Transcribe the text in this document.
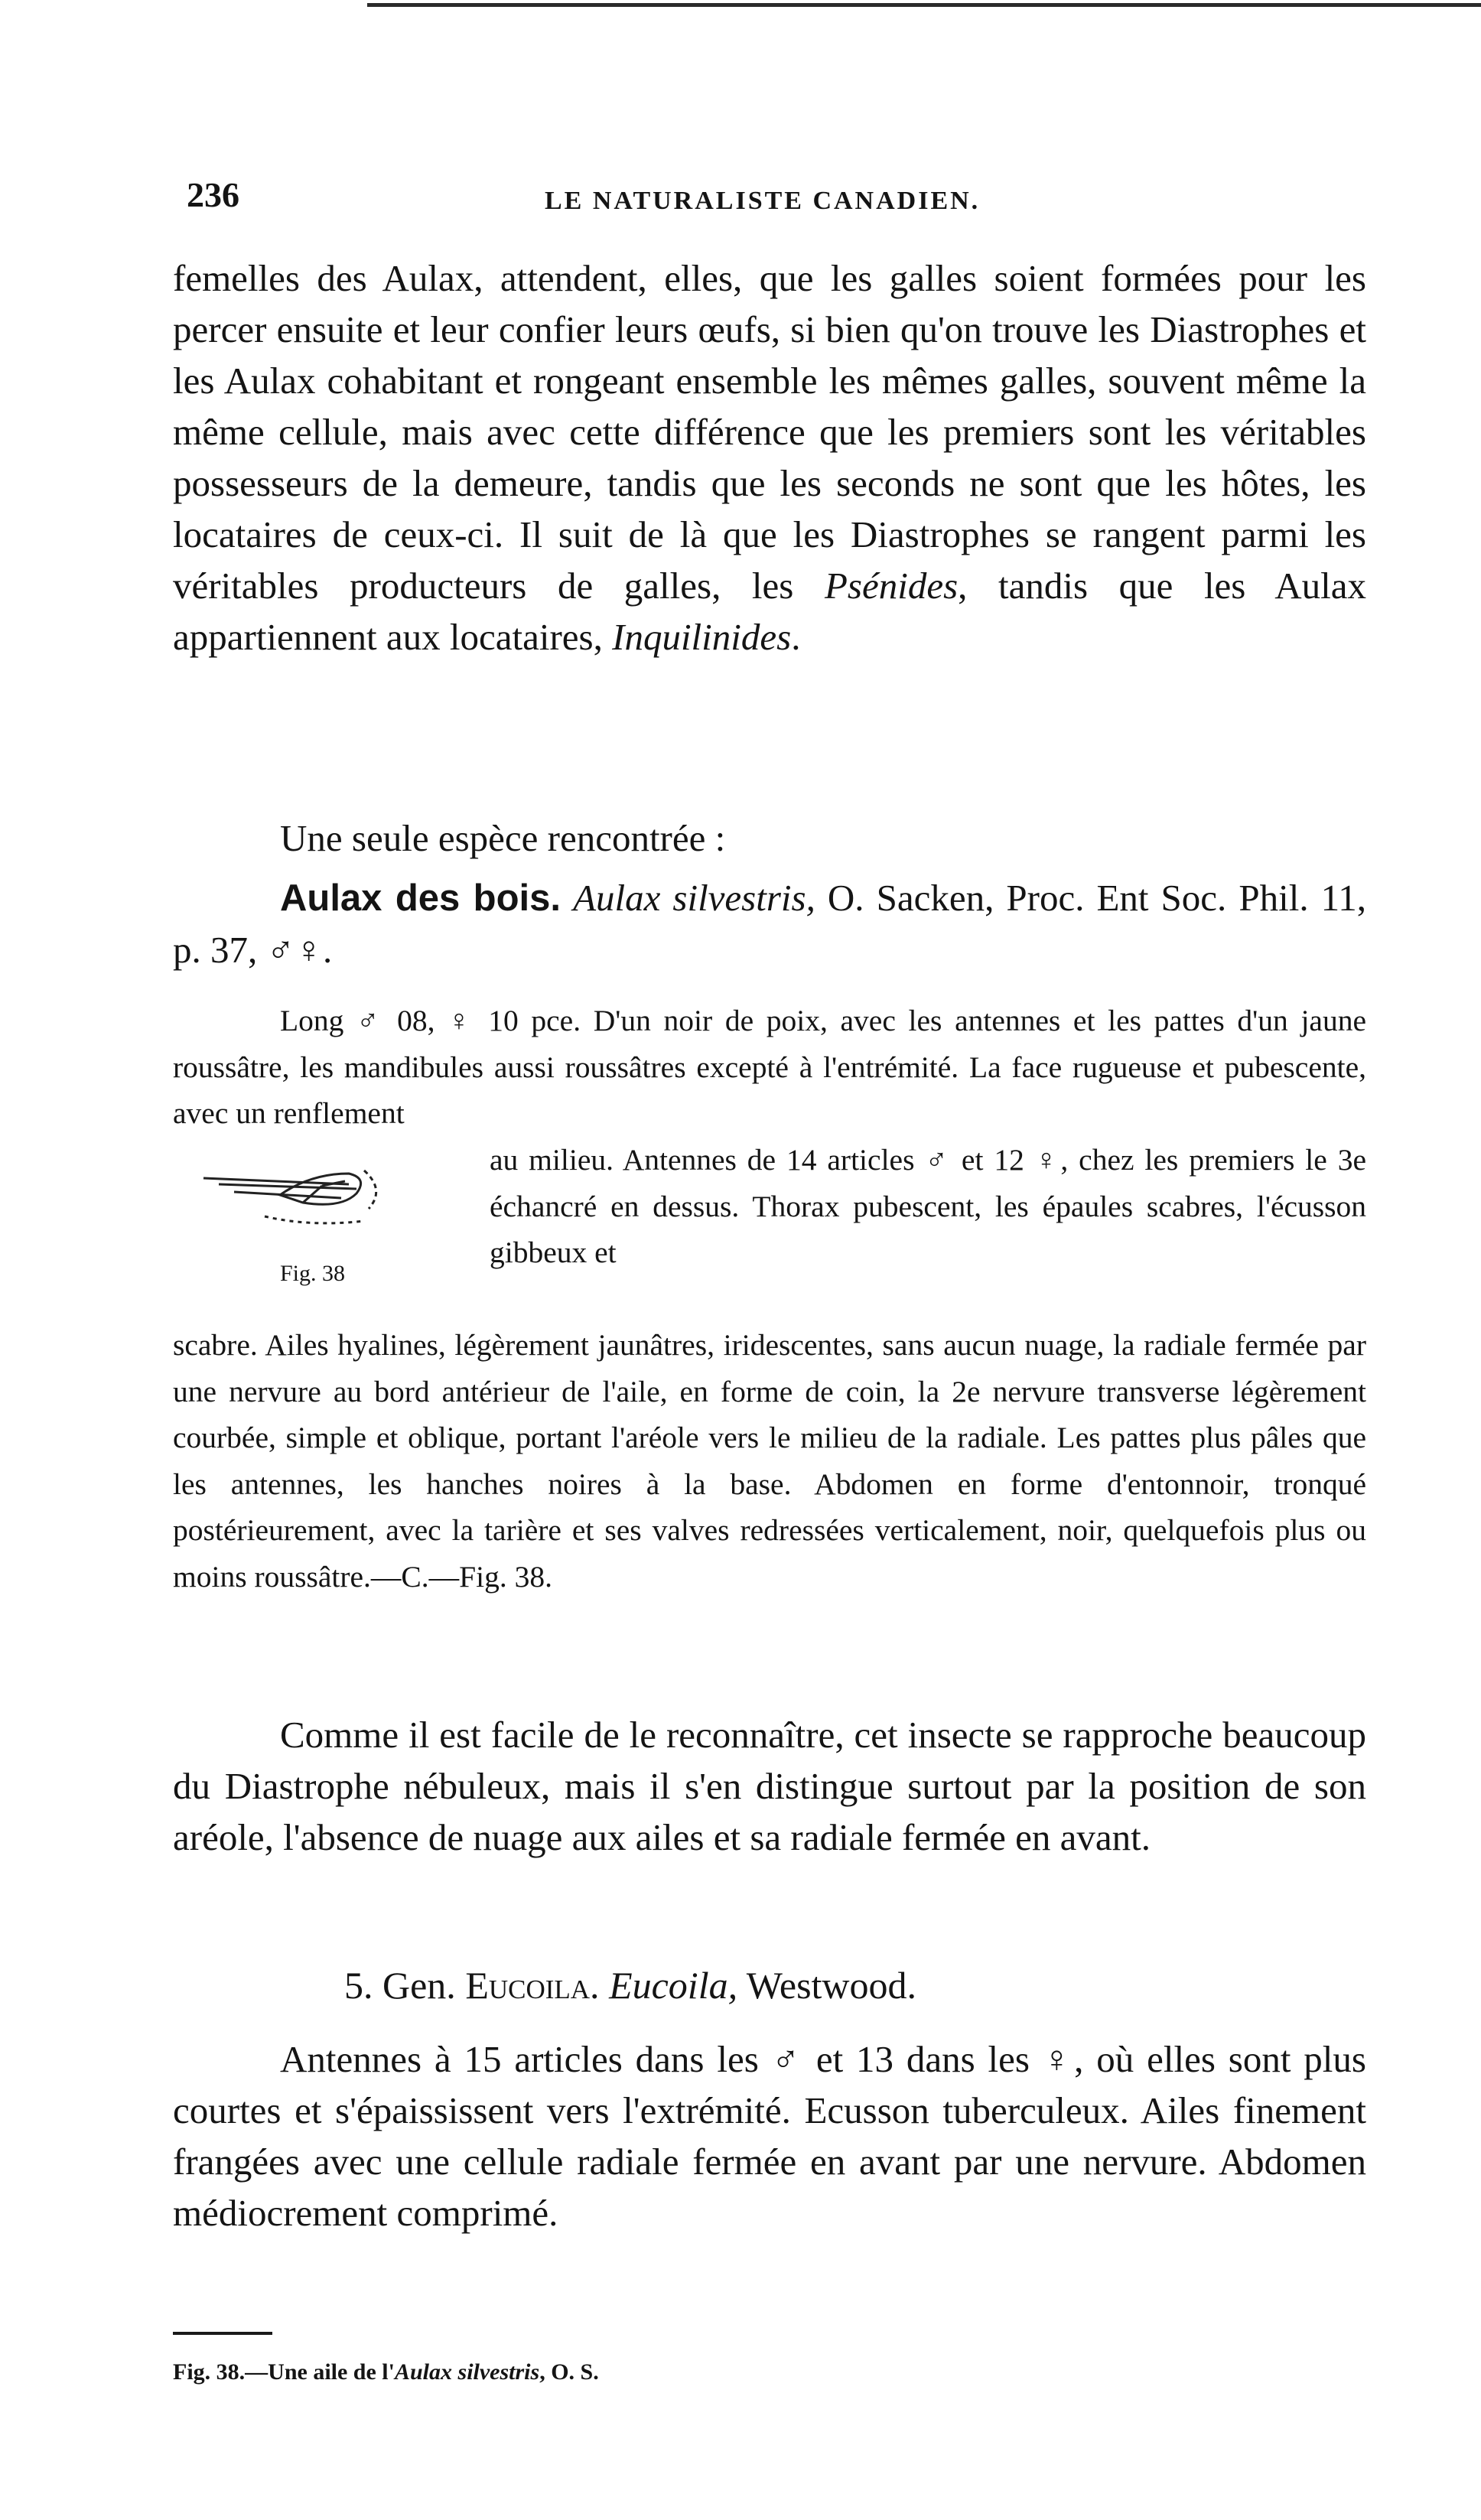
236	LE NATURALISTE CANADIEN.

femelles des Aulax, attendent, elles, que les galles soient formées pour les percer ensuite et leur confier leurs œufs, si bien qu'on trouve les Diastrophes et les Aulax cohabitant et rongeant ensemble les mêmes galles, souvent même la même cellule, mais avec cette différence que les premiers sont les véritables possesseurs de la demeure, tandis que les seconds ne sont que les hôtes, les locataires de ceux-ci. Il suit de là que les Diastrophes se rangent parmi les véritables producteurs de galles, les Psénides, tandis que les Aulax appartiennent aux locataires, Inquilinides.

Une seule espèce rencontrée :

Aulax des bois. Aulax silvestris, O. Sacken, Proc. Ent Soc. Phil. 11, p. 37, ♂♀.

Long ♂ 08, ♀ 10 pce. D'un noir de poix, avec les antennes et les pattes d'un jaune roussâtre, les mandibules aussi roussâtres excepté à l'entrémité. La face rugueuse et pubescente, avec un renflement

Fig. 38

au milieu. Antennes de 14 articles ♂ et 12 ♀, chez les premiers le 3e échancré en dessus. Thorax pubescent, les épaules scabres, l'écusson gibbeux et

scabre. Ailes hyalines, légèrement jaunâtres, iridescentes, sans aucun nuage, la radiale fermée par une nervure au bord antérieur de l'aile, en forme de coin, la 2e nervure transverse légèrement courbée, simple et oblique, portant l'aréole vers le milieu de la radiale. Les pattes plus pâles que les antennes, les hanches noires à la base. Abdomen en forme d'entonnoir, tronqué postérieurement, avec la tarière et ses valves redressées verticalement, noir, quelquefois plus ou moins roussâtre.—C.—Fig. 38.

Comme il est facile de le reconnaître, cet insecte se rapproche beaucoup du Diastrophe nébuleux, mais il s'en distingue surtout par la position de son aréole, l'absence de nuage aux ailes et sa radiale fermée en avant.

5. Gen. Eucoila. Eucoila, Westwood.

Antennes à 15 articles dans les ♂ et 13 dans les ♀, où elles sont plus courtes et s'épaississent vers l'extrémité. Ecusson tuberculeux. Ailes finement frangées avec une cellule radiale fermée en avant par une nervure. Abdomen médiocrement comprimé.

Fig. 38.—Une aile de l'Aulax silvestris, O. S.
